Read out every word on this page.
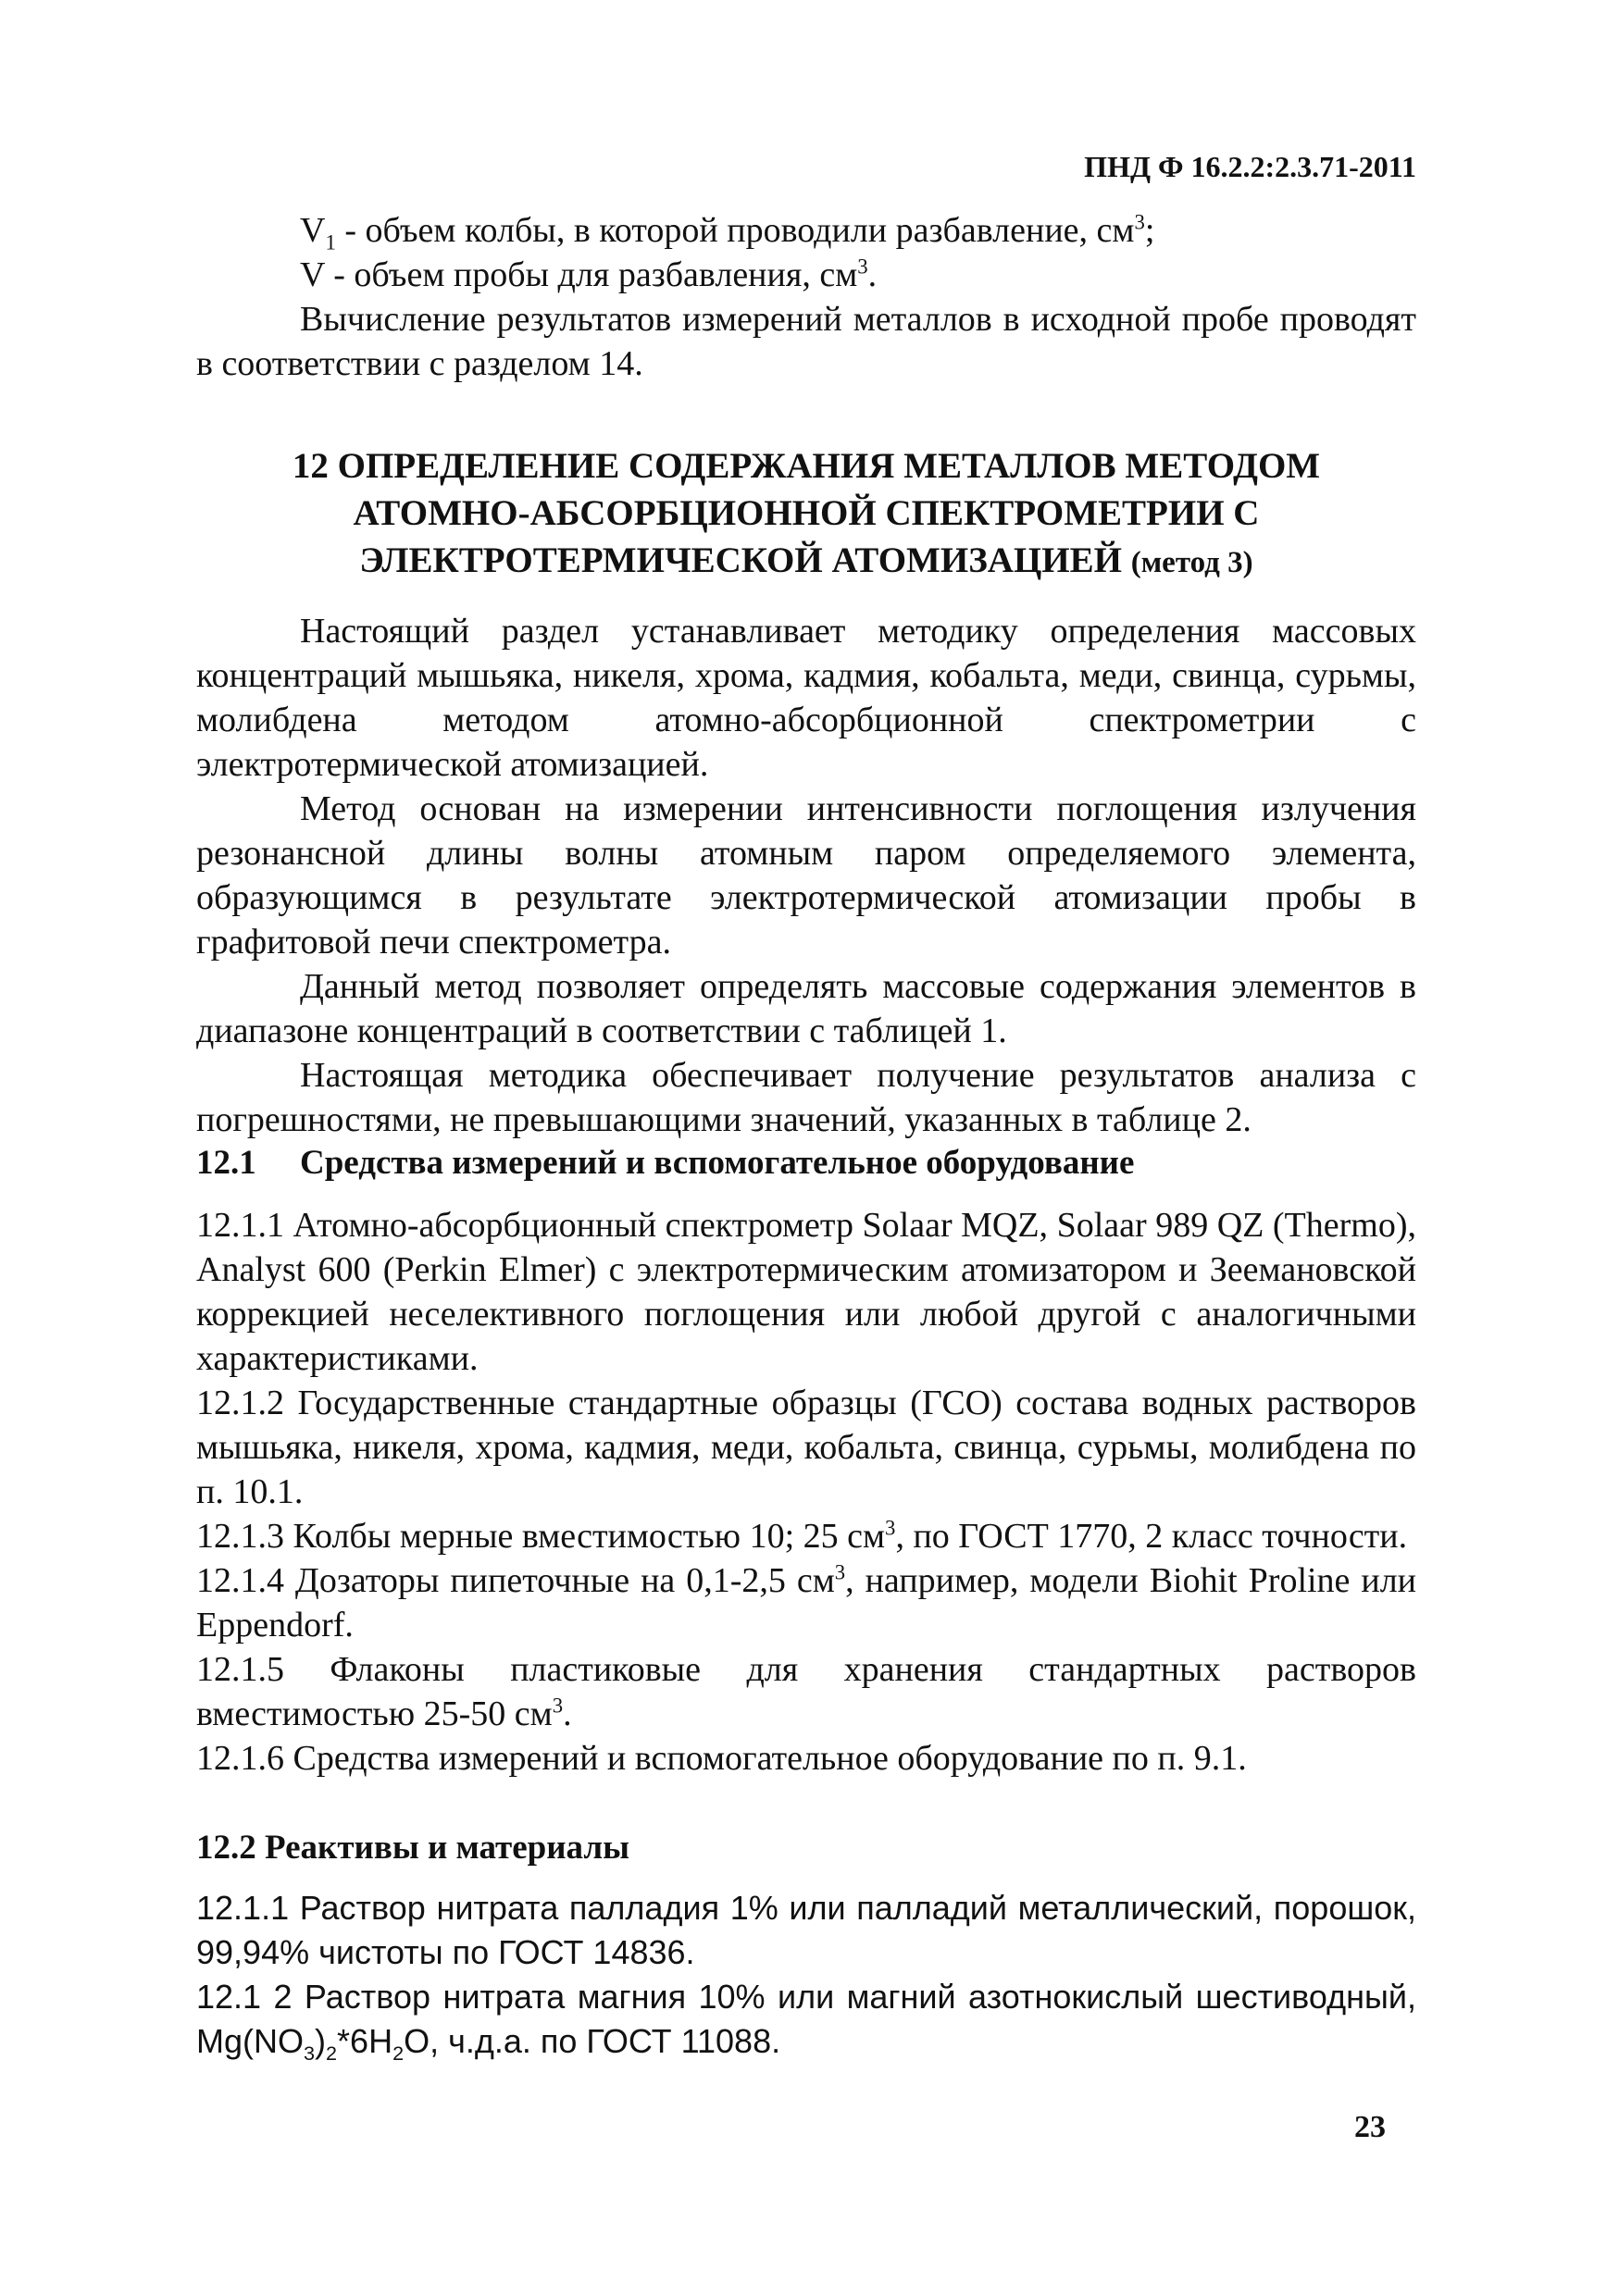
ПНД Ф 16.2.2:2.3.71-2011

$V_1$ - объем колбы, в которой проводили разбавление, $см^3$;

V - объем пробы для разбавления, $см^3$.

Вычисление результатов измерений металлов в исходной пробе проводят в соответствии с разделом 14.

12 ОПРЕДЕЛЕНИЕ СОДЕРЖАНИЯ МЕТАЛЛОВ МЕТОДОМ
АТОМНО-АБСОРБЦИОННОЙ СПЕКТРОМЕТРИИ С
ЭЛЕКТРОТЕРМИЧЕСКОЙ АТОМИЗАЦИЕЙ (метод 3)

Настоящий раздел устанавливает методику определения массовых концентраций мышьяка, никеля, хрома, кадмия, кобальта, меди, свинца, сурьмы, молибдена методом атомно-абсорбционной спектрометрии с электротермической атомизацией.

Метод основан на измерении интенсивности поглощения излучения резонансной длины волны атомным паром определяемого элемента, образующимся в результате электротермической атомизации пробы в графитовой печи спектрометра.

Данный метод позволяет определять массовые содержания элементов в диапазоне концентраций в соответствии с таблицей 1.

Настоящая методика обеспечивает получение результатов анализа с погрешностями, не превышающими значений, указанных в таблице 2.

12.1 Средства измерений и вспомогательное оборудование

12.1.1 Атомно-абсорбционный спектрометр Solaar MQZ, Solaar 989 QZ (Thermo), Analyst 600 (Perkin Elmer) с электротермическим атомизатором и Зеемановской коррекцией неселективного поглощения или любой другой с аналогичными характеристиками.

12.1.2 Государственные стандартные образцы (ГСО) состава водных растворов мышьяка, никеля, хрома, кадмия, меди, кобальта, свинца, сурьмы, молибдена по п. 10.1.

12.1.3 Колбы мерные вместимостью 10; 25 $см^3$, по ГОСТ 1770, 2 класс точности.

12.1.4 Дозаторы пипеточные на 0,1-2,5 $см^3$, например, модели Biohit Proline или Eppendorf.

12.1.5 Флаконы пластиковые для хранения стандартных растворов вместимостью 25-50 $см^3$.

12.1.6 Средства измерений и вспомогательное оборудование по п. 9.1.

12.2 Реактивы и материалы

12.1.1 Раствор нитрата палладия 1% или палладий металлический, порошок, 99,94% чистоты по ГОСТ 14836.

12.1 2 Раствор нитрата магния 10% или магний азотнокислый шестиводный, $Mg(NO_3)_2*6H_2O$, ч.д.а. по ГОСТ 11088.

23
